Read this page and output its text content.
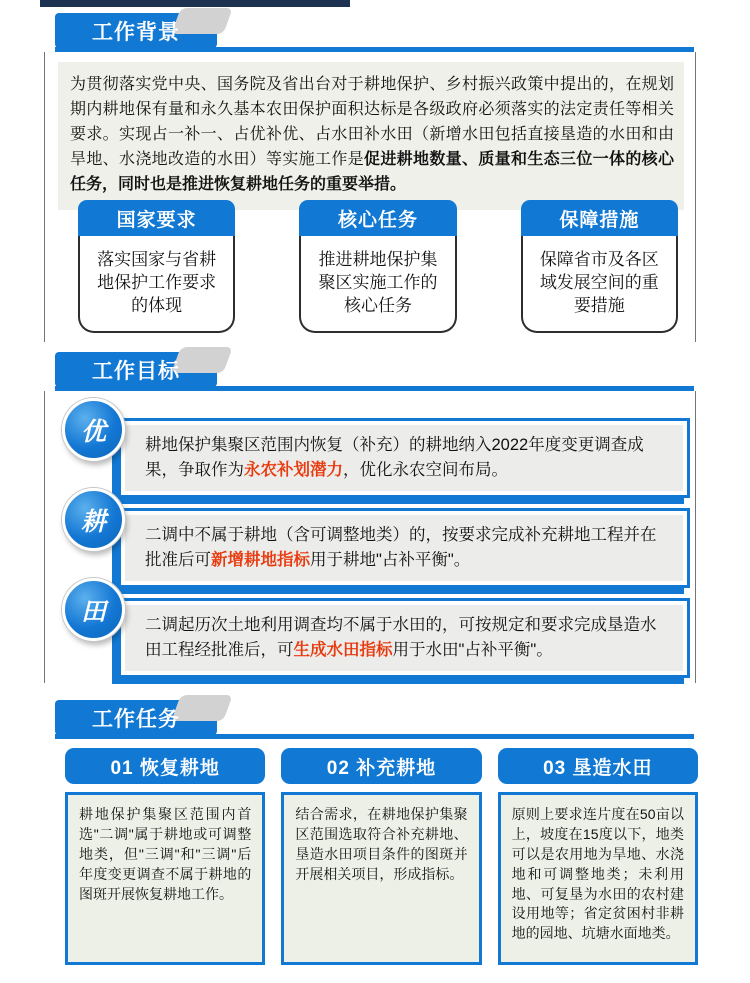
工作背景
为贯彻落实党中央、国务院及省出台对于耕地保护、乡村振兴政策中提出的，在规划期内耕地保有量和永久基本农田保护面积达标是各级政府必须落实的法定责任等相关要求。实现占一补一、占优补优、占水田补水田（新增水田包括直接垦造的水田和由旱地、水浇地改造的水田）等实施工作是促进耕地数量、质量和生态三位一体的核心任务，同时也是推进恢复耕地任务的重要举措。
国家要求
落实国家与省耕地保护工作要求的体现
核心任务
推进耕地保护集聚区实施工作的核心任务
保障措施
保障省市及各区域发展空间的重要措施
工作目标
优	耕地保护集聚区范围内恢复（补充）的耕地纳入2022年度变更调查成果，争取作为永农补划潜力，优化永农空间布局。
耕	二调中不属于耕地（含可调整地类）的，按要求完成补充耕地工程并在批准后可新增耕地指标用于耕地"占补平衡"。
田	二调起历次土地利用调查均不属于水田的，可按规定和要求完成垦造水田工程经批准后，可生成水田指标用于水田"占补平衡"。
工作任务
01 恢复耕地
耕地保护集聚区范围内首选"二调"属于耕地或可调整地类，但"三调"和"三调"后年度变更调查不属于耕地的图斑开展恢复耕地工作。
02 补充耕地
结合需求，在耕地保护集聚区范围选取符合补充耕地、垦造水田项目条件的图斑并开展相关项目，形成指标。
03 垦造水田
原则上要求连片度在50亩以上，坡度在15度以下，地类可以是农用地为旱地、水浇地和可调整地类；未利用地、可复垦为水田的农村建设用地等；省定贫困村非耕地的园地、坑塘水面地类。
